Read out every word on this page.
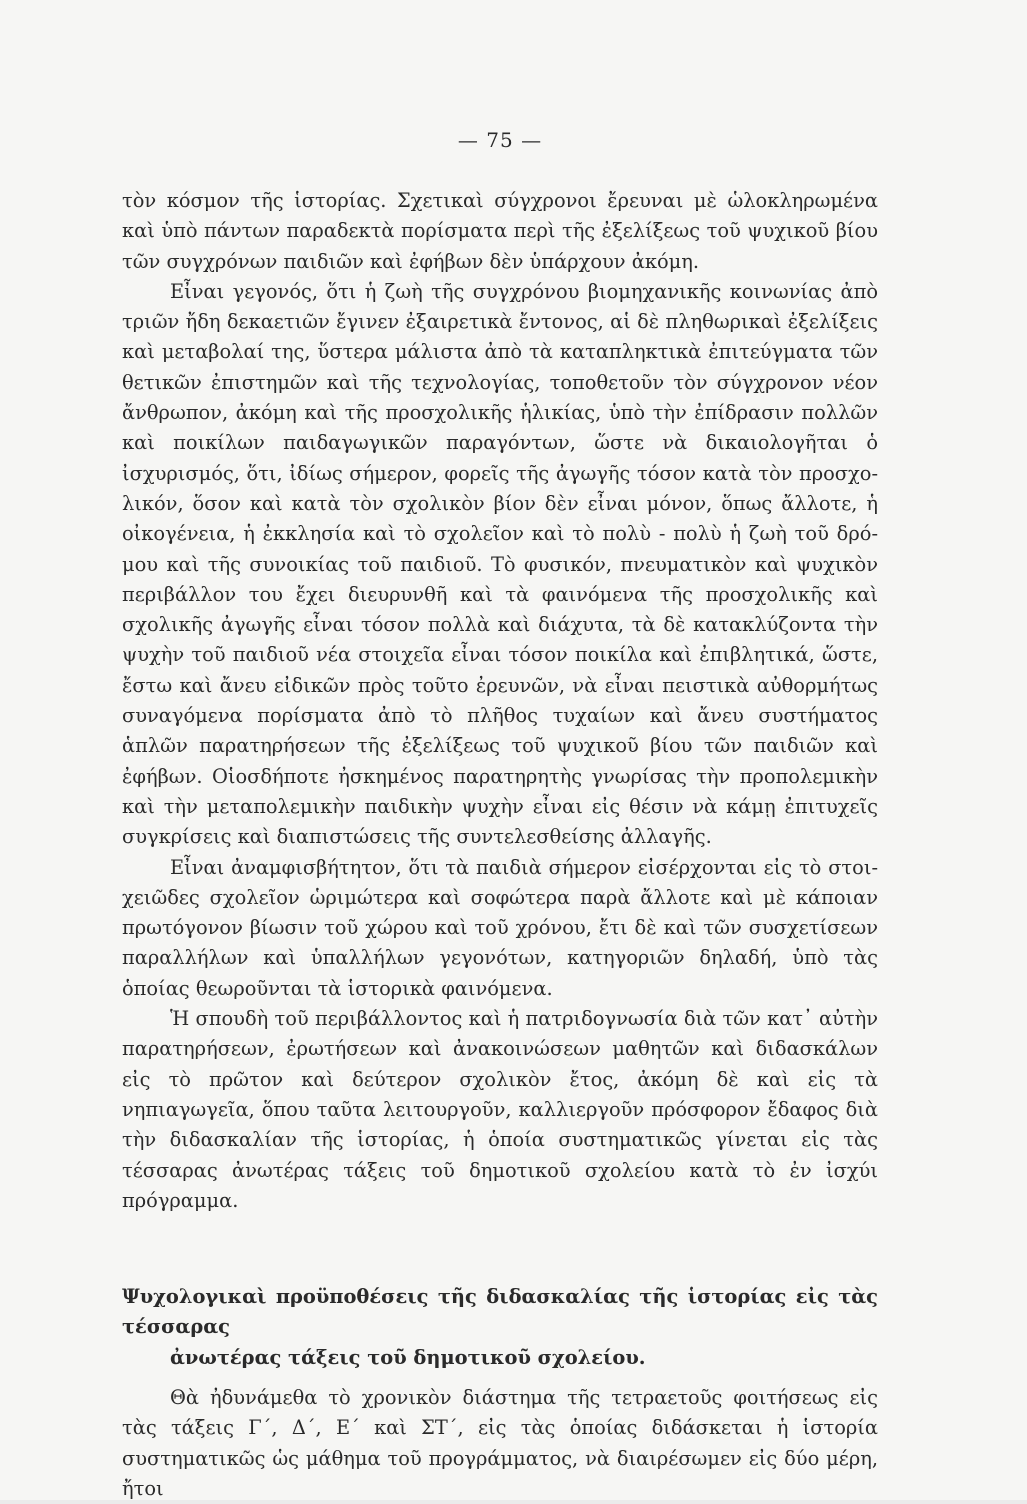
— 75 —

τὸν κόσμον τῆς ἱστορίας. Σχετικαὶ σύγχρονοι ἔρευναι μὲ ὡλοκληρωμένα καὶ ὑπὸ πάντων παραδεκτὰ πορίσματα περὶ τῆς ἐξελίξεως τοῦ ψυχικοῦ βίου τῶν συγχρόνων παιδιῶν καὶ ἐφήβων δὲν ὑπάρχουν ἀκόμη.

Εἶναι γεγονός, ὅτι ἡ ζωὴ τῆς συγχρόνου βιομηχανικῆς κοινωνίας ἀπὸ τριῶν ἤδη δεκαετιῶν ἔγινεν ἐξαιρετικὰ ἔντονος, αἱ δὲ πληθωρικαὶ ἐξελίξεις καὶ μεταβολαί της, ὕστερα μάλιστα ἀπὸ τὰ καταπληκτικὰ ἐπιτεύγματα τῶν θετικῶν ἐπιστημῶν καὶ τῆς τεχνολογίας, τοποθετοῦν τὸν σύγχρονον νέον ἄνθρωπον, ἀκόμη καὶ τῆς προσχολικῆς ἡλικίας, ὑπὸ τὴν ἐπίδρασιν πολλῶν καὶ ποικίλων παιδαγωγικῶν παραγόντων, ὥστε νὰ δικαιολογῆται ὁ ἰσχυρισμός, ὅτι, ἰδίως σήμερον, φορεῖς τῆς ἀγωγῆς τόσον κατὰ τὸν προσχολικόν, ὅσον καὶ κατὰ τὸν σχολικὸν βίον δὲν εἶναι μόνον, ὅπως ἄλλοτε, ἡ οἰκογένεια, ἡ ἐκκλησία καὶ τὸ σχολεῖον καὶ τὸ πολὺ - πολὺ ἡ ζωὴ τοῦ δρόμου καὶ τῆς συνοικίας τοῦ παιδιοῦ. Τὸ φυσικόν, πνευματικὸν καὶ ψυχικὸν περιβάλλον του ἔχει διευρυνθῆ καὶ τὰ φαινόμενα τῆς προσχολικῆς καὶ σχολικῆς ἀγωγῆς εἶναι τόσον πολλὰ καὶ διάχυτα, τὰ δὲ κατακλύζοντα τὴν ψυχὴν τοῦ παιδιοῦ νέα στοιχεῖα εἶναι τόσον ποικίλα καὶ ἐπιβλητικά, ὥστε, ἔστω καὶ ἄνευ εἰδικῶν πρὸς τοῦτο ἐρευνῶν, νὰ εἶναι πειστικὰ αὐθορμήτως συναγόμενα πορίσματα ἀπὸ τὸ πλῆθος τυχαίων καὶ ἄνευ συστήματος ἁπλῶν παρατηρήσεων τῆς ἐξελίξεως τοῦ ψυχικοῦ βίου τῶν παιδιῶν καὶ ἐφήβων. Οἱοσδήποτε ἠσκημένος παρατηρητὴς γνωρίσας τὴν προπολεμικὴν καὶ τὴν μεταπολεμικὴν παιδικὴν ψυχὴν εἶναι εἰς θέσιν νὰ κάμῃ ἐπιτυχεῖς συγκρίσεις καὶ διαπιστώσεις τῆς συντελεσθείσης ἀλλαγῆς.

Εἶναι ἀναμφισβήτητον, ὅτι τὰ παιδιὰ σήμερον εἰσέρχονται εἰς τὸ στοιχειῶδες σχολεῖον ὡριμώτερα καὶ σοφώτερα παρὰ ἄλλοτε καὶ μὲ κάποιαν πρωτόγονον βίωσιν τοῦ χώρου καὶ τοῦ χρόνου, ἔτι δὲ καὶ τῶν συσχετίσεων παραλλήλων καὶ ὑπαλλήλων γεγονότων, κατηγοριῶν δηλαδή, ὑπὸ τὰς ὁποίας θεωροῦνται τὰ ἱστορικὰ φαινόμενα.

Ἡ σπουδὴ τοῦ περιβάλλοντος καὶ ἡ πατριδογνωσία διὰ τῶν κατ᾽ αὐτὴν παρατηρήσεων, ἐρωτήσεων καὶ ἀνακοινώσεων μαθητῶν καὶ διδασκάλων εἰς τὸ πρῶτον καὶ δεύτερον σχολικὸν ἔτος, ἀκόμη δὲ καὶ εἰς τὰ νηπιαγωγεῖα, ὅπου ταῦτα λειτουργοῦν, καλλιεργοῦν πρόσφορον ἔδαφος διὰ τὴν διδασκαλίαν τῆς ἱστορίας, ἡ ὁποία συστηματικῶς γίνεται εἰς τὰς τέσσαρας ἀνωτέρας τάξεις τοῦ δημοτικοῦ σχολείου κατὰ τὸ ἐν ἰσχύι πρόγραμμα.

Ψυχολογικαὶ προϋποθέσεις τῆς διδασκαλίας τῆς ἱστορίας εἰς τὰς τέσσαρας
ἀνωτέρας τάξεις τοῦ δημοτικοῦ σχολείου.

Θὰ ἠδυνάμεθα τὸ χρονικὸν διάστημα τῆς τετραετοῦς φοιτήσεως εἰς τὰς τάξεις Γ΄, Δ΄, Ε΄ καὶ ΣΤ΄, εἰς τὰς ὁποίας διδάσκεται ἡ ἱστορία συστηματικῶς ὡς μάθημα τοῦ προγράμματος, νὰ διαιρέσωμεν εἰς δύο μέρη, ἤτοι
